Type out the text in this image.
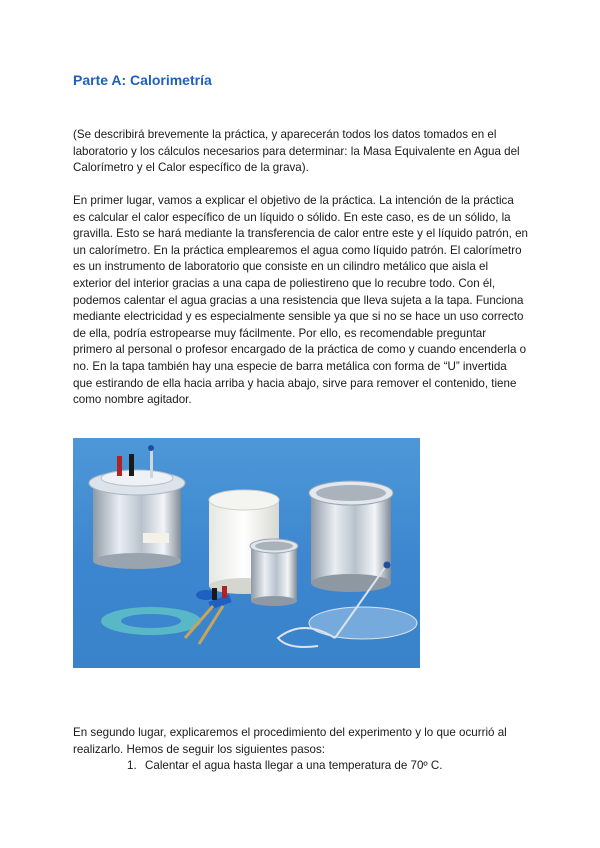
Parte A: Calorimetría

(Se describirá brevemente la práctica, y aparecerán todos los datos tomados en el laboratorio y los cálculos necesarios para determinar: la Masa Equivalente en Agua del Calorímetro y el Calor específico de la grava).

En primer lugar, vamos a explicar el objetivo de la práctica. La intención de la práctica es calcular el calor específico de un líquido o sólido. En este caso, es de un sólido, la gravilla. Esto se hará mediante la transferencia de calor entre este y el líquido patrón, en un calorímetro. En la práctica emplearemos el agua como líquido patrón. El calorímetro es un instrumento de laboratorio que consiste en un cilindro metálico que aisla el exterior del interior gracias a una capa de poliestireno que lo recubre todo. Con él, podemos calentar el agua gracias a una resistencia que lleva sujeta a la tapa. Funciona mediante electricidad y es especialmente sensible ya que si no se hace un uso correcto de ella, podría estropearse muy fácilmente. Por ello, es recomendable preguntar primero al personal o profesor encargado de la práctica de como y cuando encenderla o no. En la tapa también hay una especie de barra metálica con forma de “U” invertida que estirando de ella hacia arriba y hacia abajo, sirve para remover el contenido, tiene como nombre agitador.

En segundo lugar, explicaremos el procedimiento del experimento y lo que ocurrió al realizarlo. Hemos de seguir los siguientes pasos:

1. Calentar el agua hasta llegar a una temperatura de 70º C.
